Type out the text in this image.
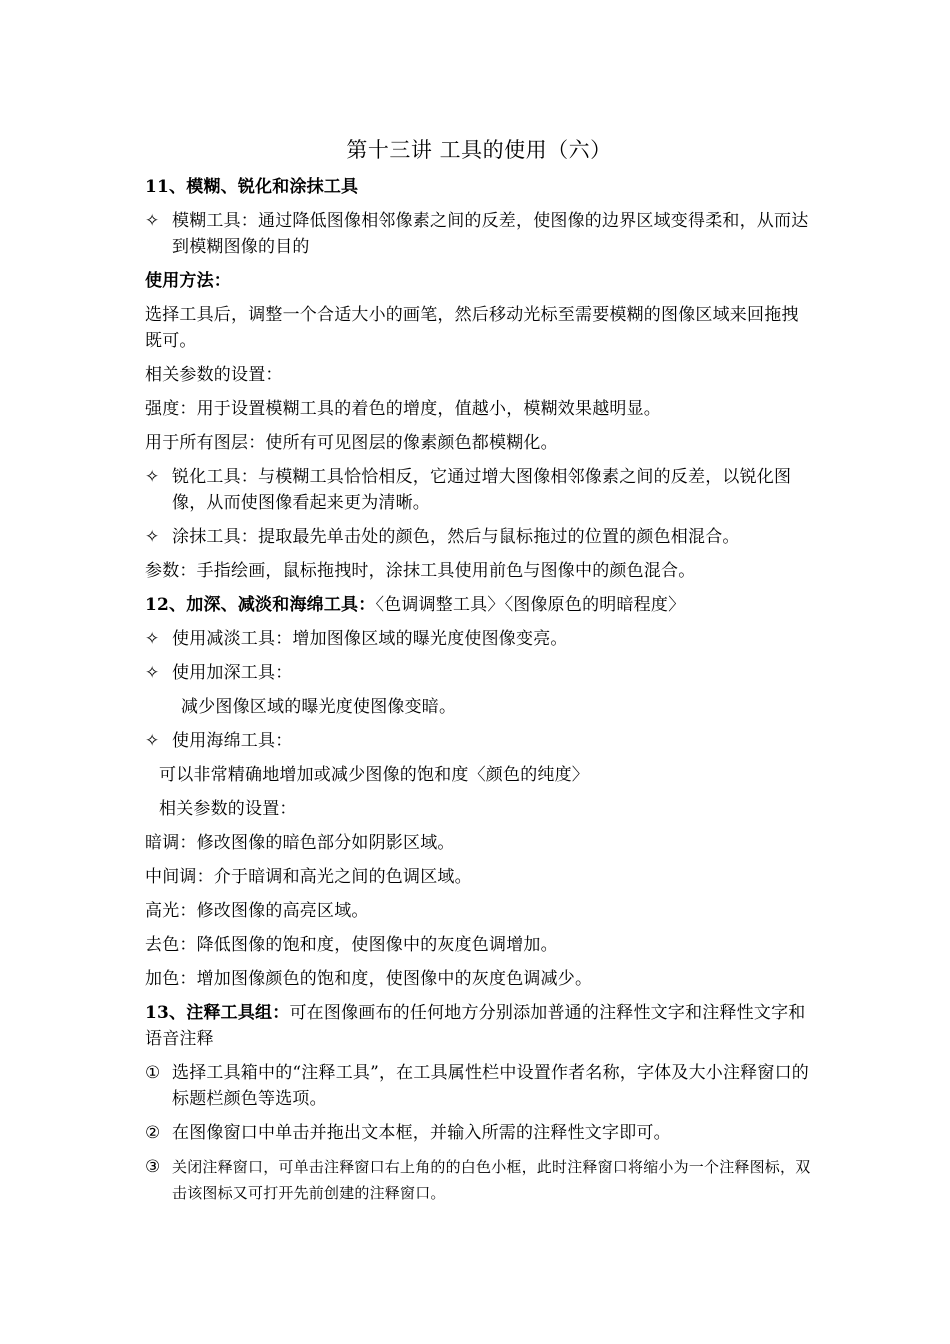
第十三讲 工具的使用（六）

11、模糊、锐化和涂抹工具

✧ 模糊工具：通过降低图像相邻像素之间的反差，使图像的边界区域变得柔和，从而达到模糊图像的目的

使用方法：

选择工具后，调整一个合适大小的画笔，然后移动光标至需要模糊的图像区域来回拖拽既可。

相关参数的设置：

强度：用于设置模糊工具的着色的增度，值越小，模糊效果越明显。

用于所有图层：使所有可见图层的像素颜色都模糊化。

✧ 锐化工具：与模糊工具恰恰相反，它通过增大图像相邻像素之间的反差，以锐化图像，从而使图像看起来更为清晰。

✧ 涂抹工具：提取最先单击处的颜色，然后与鼠标拖过的位置的颜色相混合。

参数：手指绘画，鼠标拖拽时，涂抹工具使用前色与图像中的颜色混合。

12、加深、减淡和海绵工具：〈色调调整工具〉〈图像原色的明暗程度〉

✧ 使用减淡工具：增加图像区域的曝光度使图像变亮。

✧ 使用加深工具：

减少图像区域的曝光度使图像变暗。

✧ 使用海绵工具：

可以非常精确地增加或减少图像的饱和度〈颜色的纯度〉

相关参数的设置：

暗调：修改图像的暗色部分如阴影区域。

中间调：介于暗调和高光之间的色调区域。

高光：修改图像的高亮区域。

去色：降低图像的饱和度，使图像中的灰度色调增加。

加色：增加图像颜色的饱和度，使图像中的灰度色调减少。

13、注释工具组：可在图像画布的任何地方分别添加普通的注释性文字和注释性文字和语音注释

① 选择工具箱中的“注释工具”，在工具属性栏中设置作者名称，字体及大小注释窗口的标题栏颜色等选项。

② 在图像窗口中单击并拖出文本框，并输入所需的注释性文字即可。

③ 关闭注释窗口，可单击注释窗口右上角的的白色小框，此时注释窗口将缩小为一个注释图标，双击该图标又可打开先前创建的注释窗口。
